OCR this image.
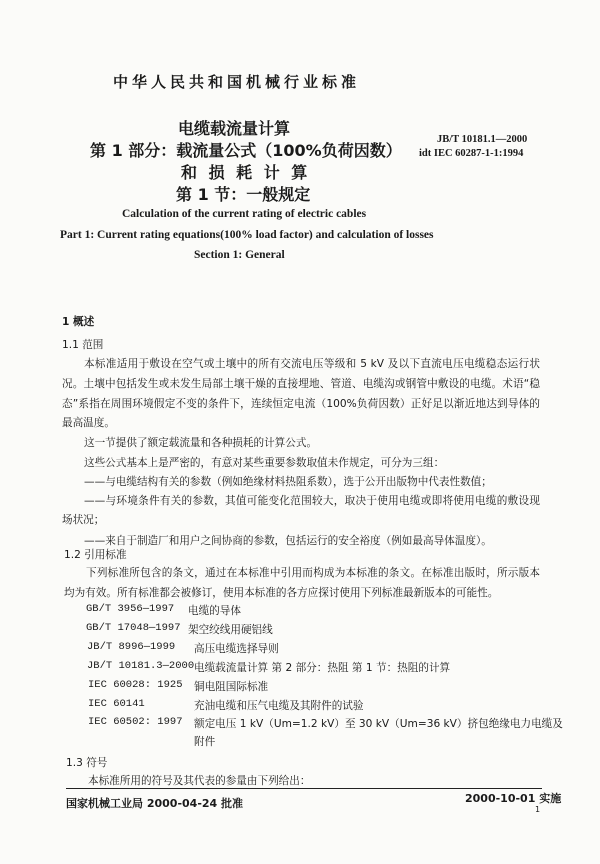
中华人民共和国机械行业标准
电缆载流量计算
第 1 部分：载流量公式（100%负荷因数）
和 损 耗 计 算
第 1 节：一般规定
JB/T 10181.1—2000
idt IEC 60287-1-1:1994
Calculation of the current rating of electric cables
Part 1: Current rating equations(100% load factor) and calculation of losses
Section 1: General
1 概述
1.1 范围
本标准适用于敷设在空气或土壤中的所有交流电压等级和 5 kV 及以下直流电压电缆稳态运行状
况。土壤中包括发生或未发生局部土壤干燥的直接埋地、管道、电缆沟或钢管中敷设的电缆。术语“稳
态”系指在周围环境假定不变的条件下，连续恒定电流（100%负荷因数）正好足以渐近地达到导体的
最高温度。
这一节提供了额定载流量和各种损耗的计算公式。
这些公式基本上是严密的，有意对某些重要参数取值未作规定，可分为三组：
——与电缆结构有关的参数（例如绝缘材料热阻系数），选于公开出版物中代表性数值；
——与环境条件有关的参数，其值可能变化范围较大，取决于使用电缆或即将使用电缆的敷设现
场状况；
——来自于制造厂和用户之间协商的参数，包括运行的安全裕度（例如最高导体温度）。
1.2 引用标准
下列标准所包含的条文，通过在本标准中引用而构成为本标准的条文。在标准出版时，所示版本
均为有效。所有标准都会被修订，使用本标准的各方应探讨使用下列标准最新版本的可能性。
GB/T 3956—1997 电缆的导体
GB/T 17048—1997 架空绞线用硬铝线
JB/T 8996—1999 高压电缆选择导则
JB/T 10181.3—2000 电缆载流量计算 第 2 部分：热阻 第 1 节：热阻的计算
IEC 60028: 1925 铜电阻国际标准
IEC 60141	充油电缆和压气电缆及其附件的试验
IEC 60502: 1997 额定电压 1 kV（Um=1.2 kV）至 30 kV（Um=36 kV）挤包绝缘电力电缆及
附件
1.3 符号
本标准所用的符号及其代表的参量由下列给出：
国家机械工业局 2000-04-24 批准	2000-10-01 实施
1
